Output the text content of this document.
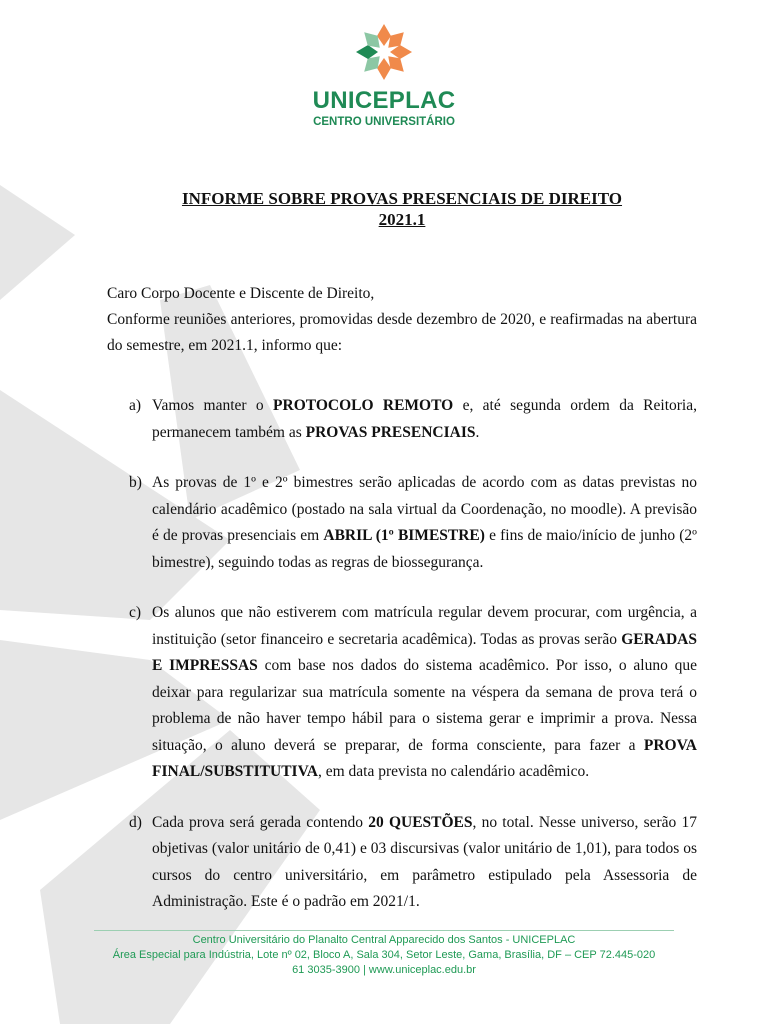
UNICEPLAC
CENTRO UNIVERSITÁRIO
INFORME SOBRE PROVAS PRESENCIAIS DE DIREITO
2021.1

Caro Corpo Docente e Discente de Direito,

Conforme reuniões anteriores, promovidas desde dezembro de 2020, e reafirmadas na abertura do semestre, em 2021.1, informo que:

a) Vamos manter o PROTOCOLO REMOTO e, até segunda ordem da Reitoria, permanecem também as PROVAS PRESENCIAIS.
b) As provas de 1º e 2º bimestres serão aplicadas de acordo com as datas previstas no calendário acadêmico (postado na sala virtual da Coordenação, no moodle). A previsão é de provas presenciais em ABRIL (1º BIMESTRE) e fins de maio/início de junho (2º bimestre), seguindo todas as regras de biossegurança.
c) Os alunos que não estiverem com matrícula regular devem procurar, com urgência, a instituição (setor financeiro e secretaria acadêmica). Todas as provas serão GERADAS E IMPRESSAS com base nos dados do sistema acadêmico. Por isso, o aluno que deixar para regularizar sua matrícula somente na véspera da semana de prova terá o problema de não haver tempo hábil para o sistema gerar e imprimir a prova. Nessa situação, o aluno deverá se preparar, de forma consciente, para fazer a PROVA FINAL/SUBSTITUTIVA, em data prevista no calendário acadêmico.
d) Cada prova será gerada contendo 20 QUESTÕES, no total. Nesse universo, serão 17 objetivas (valor unitário de 0,41) e 03 discursivas (valor unitário de 1,01), para todos os cursos do centro universitário, em parâmetro estipulado pela Assessoria de Administração. Este é o padrão em 2021/1.
Centro Universitário do Planalto Central Apparecido dos Santos - UNICEPLAC
Área Especial para Indústria, Lote nº 02, Bloco A, Sala 304, Setor Leste, Gama, Brasília, DF – CEP 72.445-020
61 3035-3900 | www.uniceplac.edu.br
